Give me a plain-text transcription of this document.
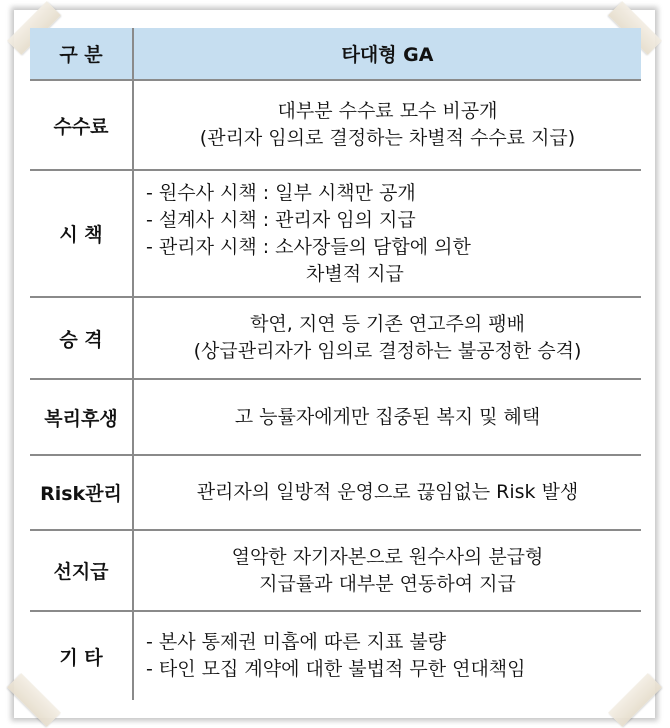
구 분	타대형 GA
수수료	대부분 수수료 모수 비공개
(관리자 임의로 결정하는 차별적 수수료 지급)

시 책	- 원수사 시책 : 일부 시책만 공개
- 설계사 시책 : 관리자 임의 지급
- 관리자 시책 : 소사장들의 담합에 의한
차별적 지급

승 격	학연, 지연 등 기존 연고주의 팽배
(상급관리자가 임의로 결정하는 불공정한 승격)

복리후생	고 능률자에게만 집중된 복지 및 혜택

Risk관리	관리자의 일방적 운영으로 끊임없는 Risk 발생

선지급	열악한 자기자본으로 원수사의 분급형
지급률과 대부분 연동하여 지급

기 타	- 본사 통제권 미흡에 따른 지표 불량
- 타인 모집 계약에 대한 불법적 무한 연대책임
